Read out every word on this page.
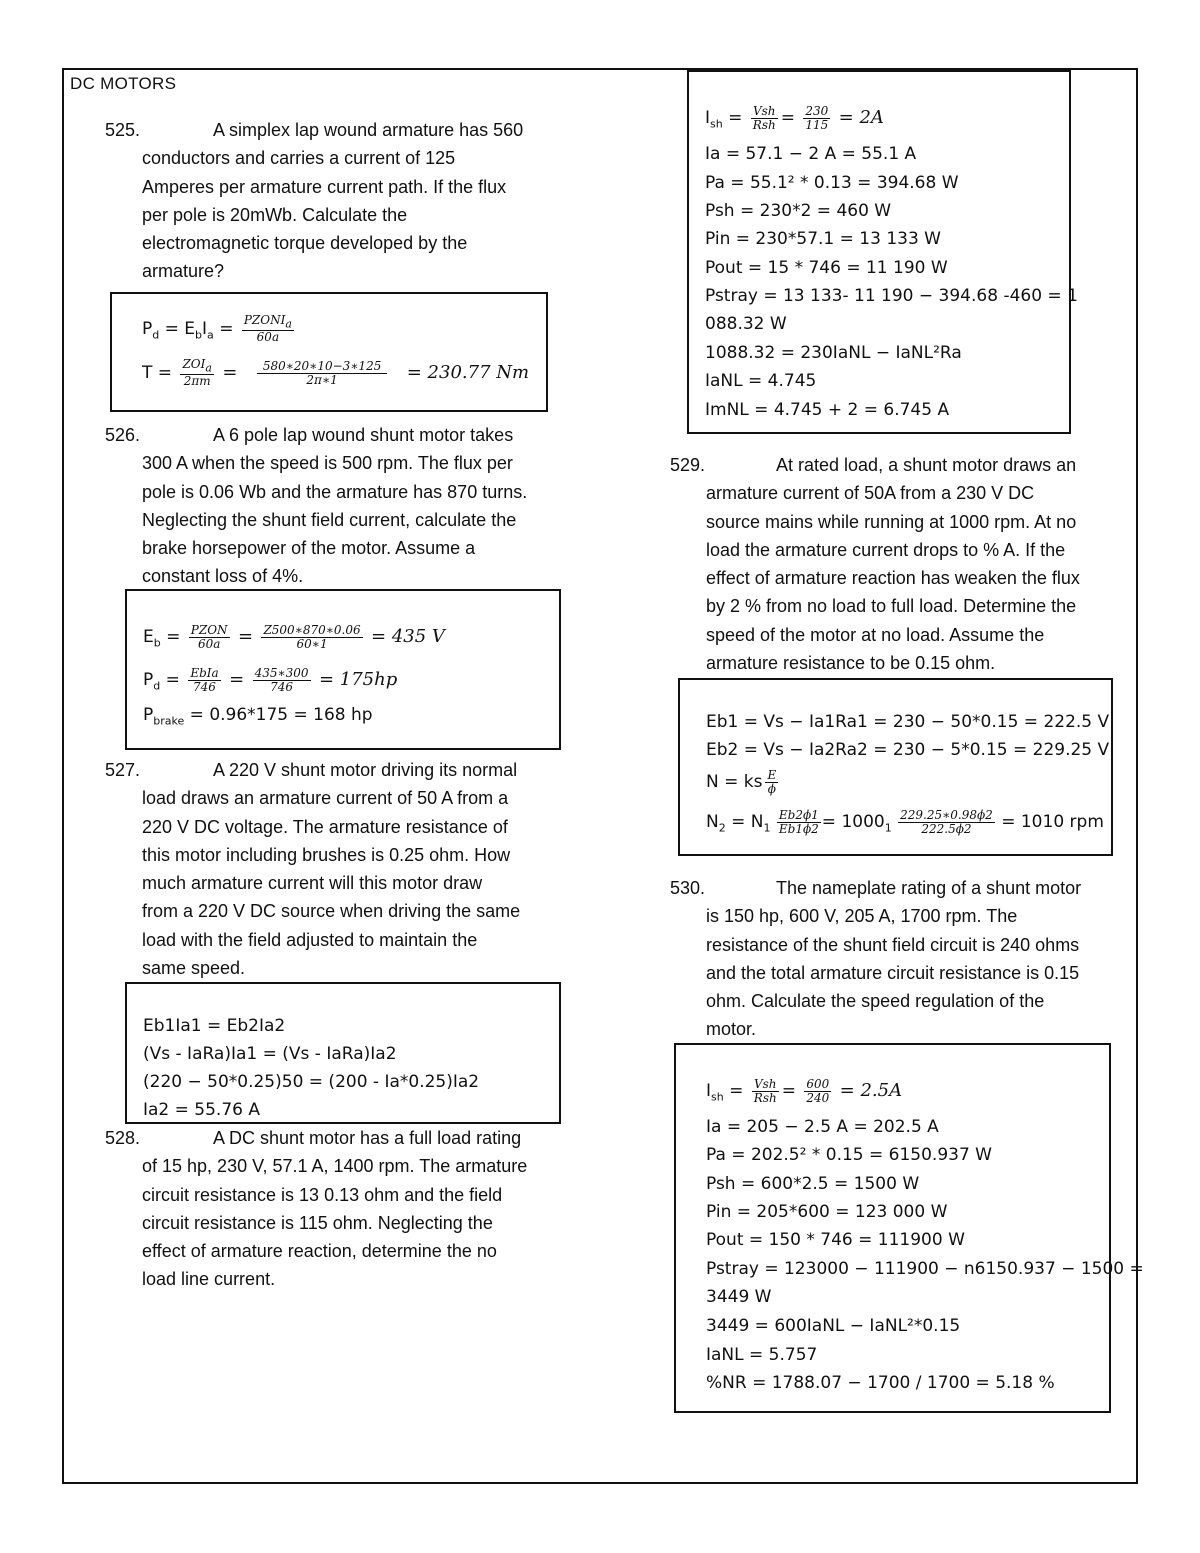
DC MOTORS
525.	A simplex lap wound armature has 560
conductors and carries a current of 125
Amperes per armature current path. If the flux
per pole is 20mWb. Calculate the
electromagnetic torque developed by the
armature?
$P_d = E_bI_a = \frac{PZONI_a}{60a}$
$T = \frac{ZOI_a}{2\pi m} = \frac{580∗20∗10-3∗125}{2\pi∗1} = 230.77$ Nm
526.	A 6 pole lap wound shunt motor takes
300 A when the speed is 500 rpm. The flux per
pole is 0.06 Wb and the armature has 870 turns.
Neglecting the shunt field current, calculate the
brake horsepower of the motor. Assume a
constant loss of 4%.
$E_b = \frac{\text{PZON}}{60a} = \frac{Z500∗870∗0.06}{60∗1} = 435$ V
$P_d = \frac{\text{EbIa}}{746} = \frac{435∗300}{746} = 175hp$
$P_{brake} = 0.96*175 = 168$ hp
527.	A 220 V shunt motor driving its normal
load draws an armature current of 50 A from a
220 V DC voltage. The armature resistance of
this motor including brushes is 0.25 ohm. How
much armature current will this motor draw
from a 220 V DC source when driving the same
load with the field adjusted to maintain the
same speed.
Eb1Ia1 = Eb2Ia2
(Vs - IaRa)Ia1 = (Vs - IaRa)Ia2
(220 − 50*0.25)50 = (200 - Ia*0.25)Ia2
Ia2 = 55.76 A
528.	A DC shunt motor has a full load rating
of 15 hp, 230 V, 57.1 A, 1400 rpm. The armature
circuit resistance is 13 0.13 ohm and the field
circuit resistance is 115 ohm. Neglecting the
effect of armature reaction, determine the no
load line current.
$I_{sh} = \frac{\text{Vsh}}{\text{Rsh}} = \frac{230}{115} = 2A$
Ia = 57.1 − 2 A = 55.1 A
Pa = 55.1² * 0.13 = 394.68 W
Psh = 230*2 = 460 W
Pin = 230*57.1 = 13 133 W
Pout = 15 * 746 = 11 190 W
Pstray = 13 133- 11 190 − 394.68 -460 = 1
088.32 W
1088.32 = 230IaNL − IaNL²Ra
IaNL = 4.745
ImNL = 4.745 + 2 = 6.745 A
529.	At rated load, a shunt motor draws an
armature current of 50A from a 230 V DC
source mains while running at 1000 rpm. At no
load the armature current drops to % A. If the
effect of armature reaction has weaken the flux
by 2 % from no load to full load. Determine the
speed of the motor at no load. Assume the
armature resistance to be 0.15 ohm.
Eb1 = Vs − Ia1Ra1 = 230 − 50*0.15 = 222.5 V
Eb2 = Vs − Ia2Ra2 = 230 − 5*0.15 = 229.25 V
N = ks $\frac{E}{\phi}$
$N_2 = N_1 \frac{Eb2\phi 1}{Eb1\phi 2} = 1000_1 \frac{229.25∗0.98\phi 2}{222.5\phi 2} = 1010$ rpm
530.	The nameplate rating of a shunt motor
is 150 hp, 600 V, 205 A, 1700 rpm. The
resistance of the shunt field circuit is 240 ohms
and the total armature circuit resistance is 0.15
ohm. Calculate the speed regulation of the
motor.
$I_{sh} = \frac{\text{Vsh}}{\text{Rsh}} = \frac{600}{240} = 2.5A$
Ia = 205 − 2.5 A = 202.5 A
Pa = 202.5² * 0.15 = 6150.937 W
Psh = 600*2.5 = 1500 W
Pin = 205*600 = 123 000 W
Pout = 150 * 746 = 111900 W
Pstray = 123000 − 111900 − n6150.937 − 1500 =
3449 W
3449 = 600IaNL − IaNL²*0.15
IaNL = 5.757
%NR = 1788.07 − 1700 / 1700 = 5.18 %
